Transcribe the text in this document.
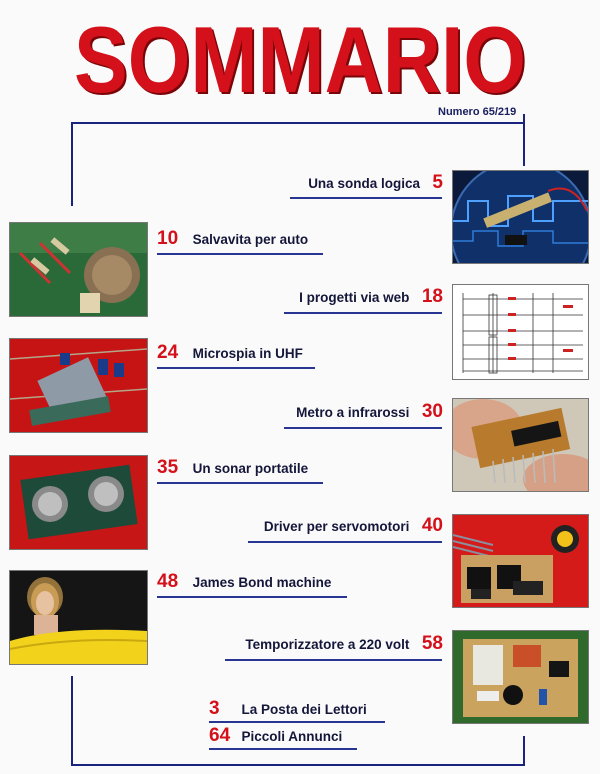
SOMMARIO
SOMMARIO
Numero 65/219
Una sonda logica 5
I progetti via web 18
Metro a infrarossi 30
Driver per servomotori 40
Temporizzatore a 220 volt 58
10 Salvavita per auto
24 Microspia in UHF
35 Un sonar portatile
48 James Bond machine
3 La Posta dei Lettori
64 Piccoli Annunci
